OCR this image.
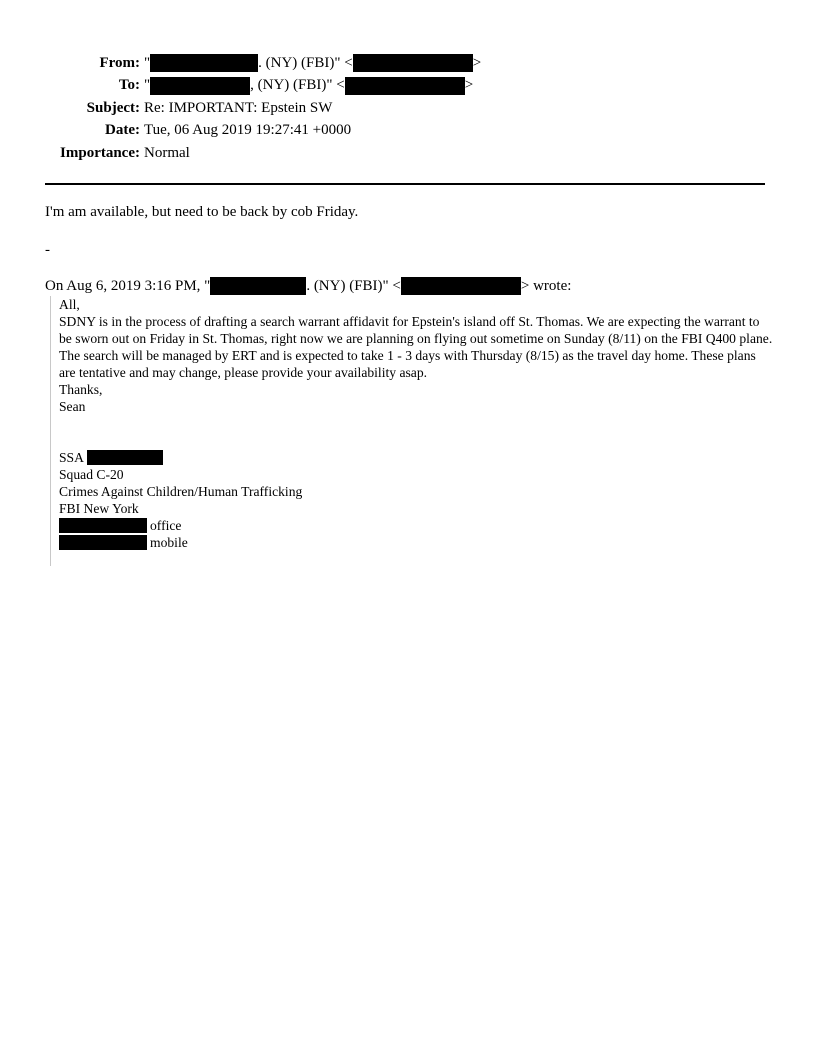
From: "	. (NY) (FBI)" <	>
To: "	, (NY) (FBI)" <	>
Subject: Re: IMPORTANT: Epstein SW
Date: Tue, 06 Aug 2019 19:27:41 +0000
Importance: Normal
I'm am available, but need to be back by cob Friday.
-
On Aug 6, 2019 3:16 PM, "	. (NY) (FBI)" <	> wrote:

All,

SDNY is in the process of drafting a search warrant affidavit for Epstein's island off St. Thomas. We are expecting the warrant to be sworn out on Friday in St. Thomas, right now we are planning on flying out sometime on Sunday (8/11) on the FBI Q400 plane. The search will be managed by ERT and is expected to take 1 - 3 days with Thursday (8/15) as the travel day home. These plans are tentative and may change, please provide your availability asap.

Thanks,

Sean

SSA
Squad C-20
Crimes Against Children/Human Trafficking
FBI New York
office
mobile
